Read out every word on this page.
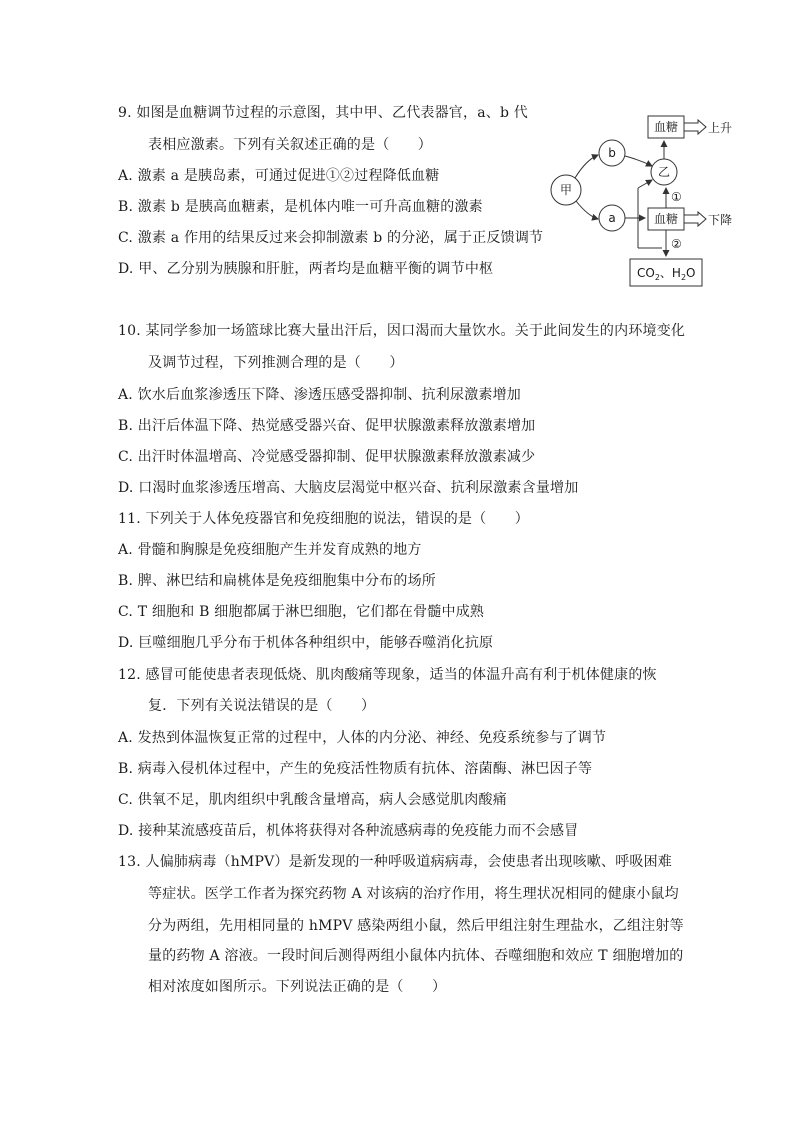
9. 如图是血糖调节过程的示意图，其中甲、乙代表器官，a、b 代
表相应激素。下列有关叙述正确的是（　　）
A. 激素 a 是胰岛素，可通过促进①②过程降低血糖
B. 激素 b 是胰高血糖素，是机体内唯一可升高血糖的激素
C. 激素 a 作用的结果反过来会抑制激素 b 的分泌，属于正反馈调节
D. 甲、乙分别为胰腺和肝脏，两者均是血糖平衡的调节中枢
甲
b
a
乙
血糖
血糖
上升
下降
①
②
$CO_2$、$H_2O$
10. 某同学参加一场篮球比赛大量出汗后，因口渴而大量饮水。关于此间发生的内环境变化
及调节过程，下列推测合理的是（　　）
A. 饮水后血浆渗透压下降、渗透压感受器抑制、抗利尿激素增加
B. 出汗后体温下降、热觉感受器兴奋、促甲状腺激素释放激素增加
C. 出汗时体温增高、冷觉感受器抑制、促甲状腺激素释放激素减少
D. 口渴时血浆渗透压增高、大脑皮层渴觉中枢兴奋、抗利尿激素含量增加
11. 下列关于人体免疫器官和免疫细胞的说法，错误的是（　　）
A. 骨髓和胸腺是免疫细胞产生并发育成熟的地方
B. 脾、淋巴结和扁桃体是免疫细胞集中分布的场所
C. T 细胞和 B 细胞都属于淋巴细胞，它们都在骨髓中成熟
D. 巨噬细胞几乎分布于机体各种组织中，能够吞噬消化抗原
12. 感冒可能使患者表现低烧、肌肉酸痛等现象，适当的体温升高有利于机体健康的恢
复．下列有关说法错误的是（　　）
A. 发热到体温恢复正常的过程中，人体的内分泌、神经、免疫系统参与了调节
B. 病毒入侵机体过程中，产生的免疫活性物质有抗体、溶菌酶、淋巴因子等
C. 供氧不足，肌肉组织中乳酸含量增高，病人会感觉肌肉酸痛
D. 接种某流感疫苗后，机体将获得对各种流感病毒的免疫能力而不会感冒
13. 人偏肺病毒（hMPV）是新发现的一种呼吸道病病毒，会使患者出现咳嗽、呼吸困难
等症状。医学工作者为探究药物 A 对该病的治疗作用，将生理状况相同的健康小鼠均
分为两组，先用相同量的 hMPV 感染两组小鼠，然后甲组注射生理盐水，乙组注射等
量的药物 A 溶液。一段时间后测得两组小鼠体内抗体、吞噬细胞和效应 T 细胞增加的
相对浓度如图所示。下列说法正确的是（　　）
